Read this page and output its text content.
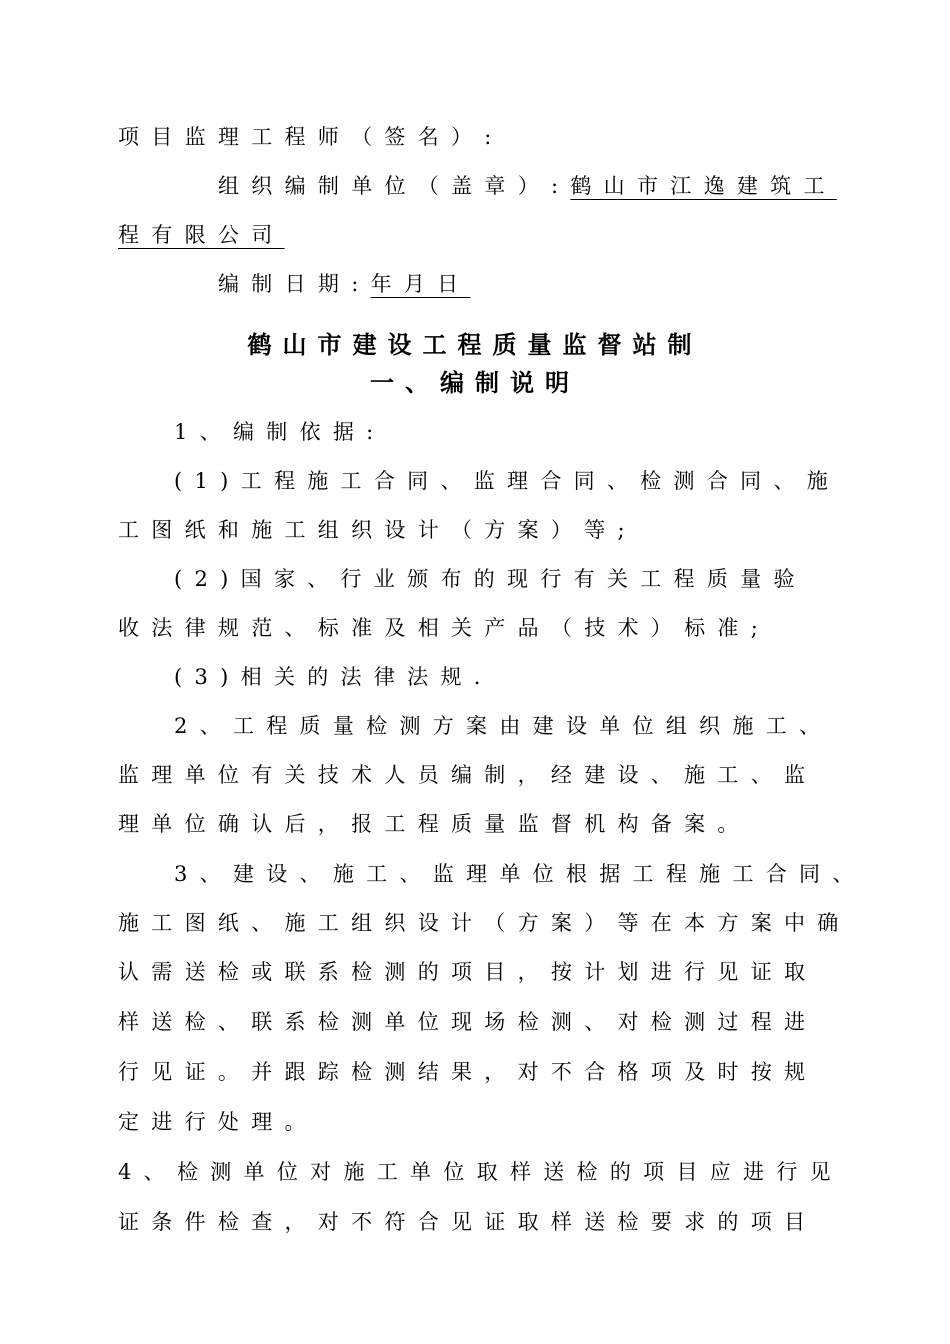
项目监理工程师（签名）:
组织编制单位（盖章）:鹤山市江逸建筑工
程有限公司
编制日期:年月日
鹤山市建设工程质量监督站制
一、编制说明
1、编制依据:
(1)工程施工合同、监理合同、检测合同、施
工图纸和施工组织设计（方案）等;
(2)国家、行业颁布的现行有关工程质量验
收法律规范、标准及相关产品（技术）标准;
(3)相关的法律法规.
2、工程质量检测方案由建设单位组织施工、
监理单位有关技术人员编制，经建设、施工、监
理单位确认后，报工程质量监督机构备案。
3、建设、施工、监理单位根据工程施工合同、
施工图纸、施工组织设计（方案）等在本方案中确
认需送检或联系检测的项目，按计划进行见证取
样送检、联系检测单位现场检测、对检测过程进
行见证。并跟踪检测结果，对不合格项及时按规
定进行处理。
4、检测单位对施工单位取样送检的项目应进行见
证条件检查，对不符合见证取样送检要求的项目
